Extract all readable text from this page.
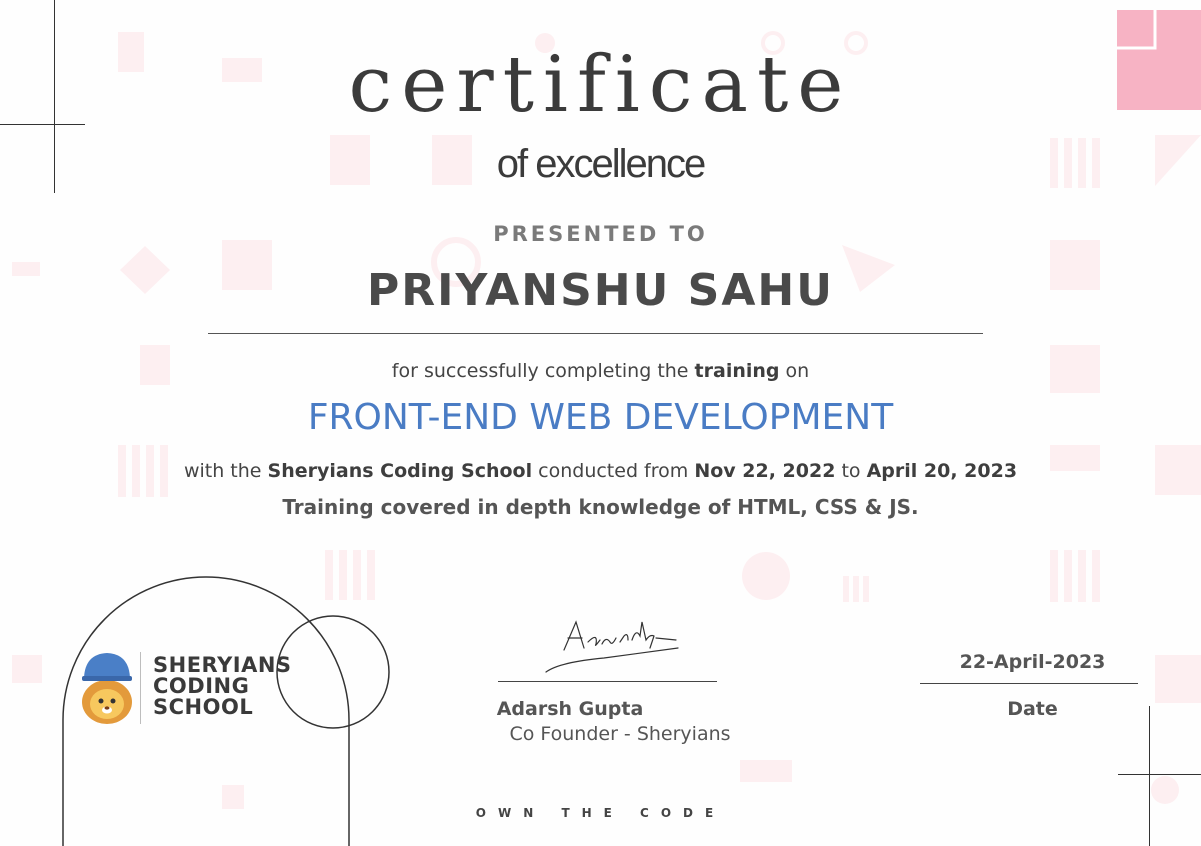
certificate
of excellence
PRESENTED TO
PRIYANSHU SAHU
for successfully completing the training on
FRONT-END WEB DEVELOPMENT
with the Sheryians Coding School conducted from Nov 22, 2022 to April 20, 2023
Training covered in depth knowledge of HTML, CSS & JS.
SHERYIANS
CODING
SCHOOL	Adarsh Gupta
Co Founder - Sheryians
22-April-2023
Date
OWN THE CODE
